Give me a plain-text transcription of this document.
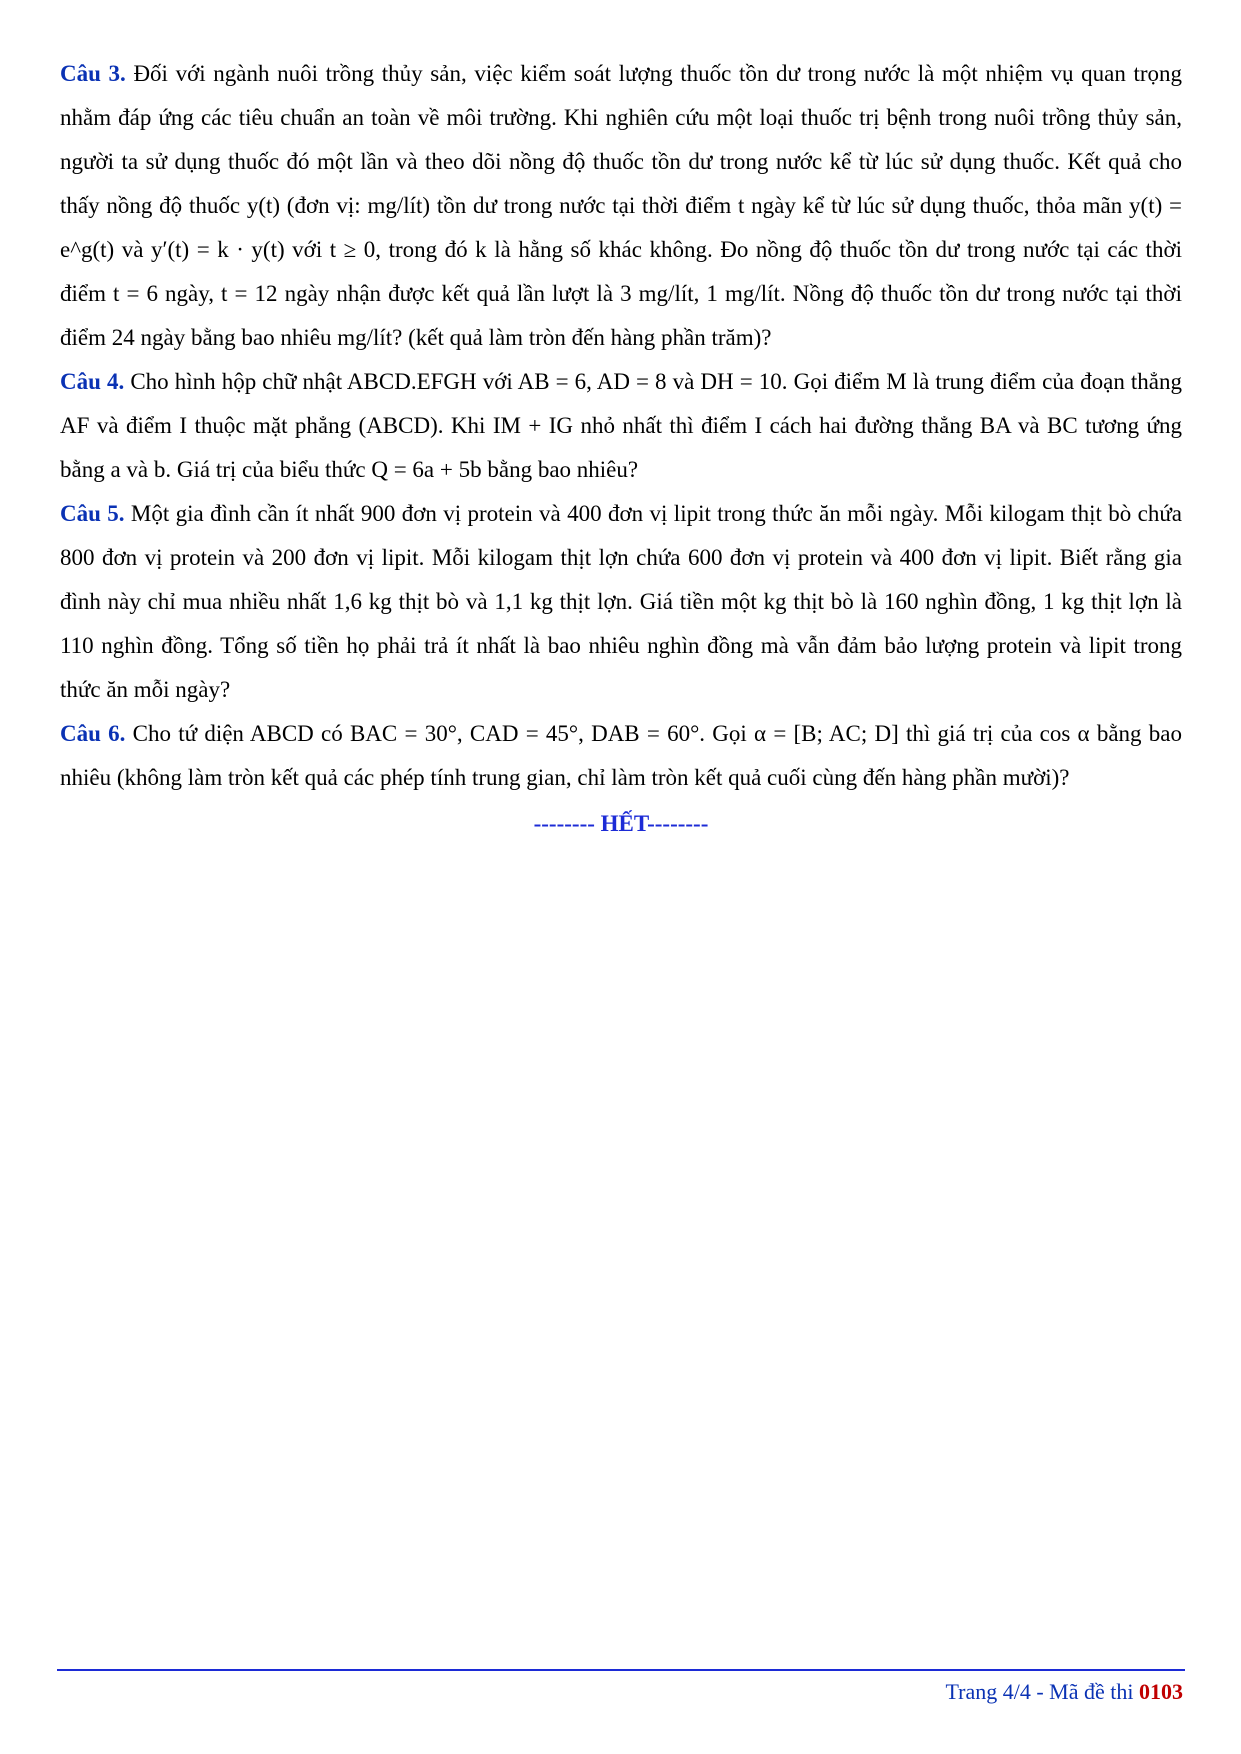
Câu 3. Đối với ngành nuôi trồng thủy sản, việc kiểm soát lượng thuốc tồn dư trong nước là một nhiệm vụ quan trọng nhằm đáp ứng các tiêu chuẩn an toàn về môi trường. Khi nghiên cứu một loại thuốc trị bệnh trong nuôi trồng thủy sản, người ta sử dụng thuốc đó một lần và theo dõi nồng độ thuốc tồn dư trong nước kể từ lúc sử dụng thuốc. Kết quả cho thấy nồng độ thuốc y(t) (đơn vị: mg/lít) tồn dư trong nước tại thời điểm t ngày kể từ lúc sử dụng thuốc, thỏa mãn y(t) = e^g(t) và y′(t) = k · y(t) với t ≥ 0, trong đó k là hằng số khác không. Đo nồng độ thuốc tồn dư trong nước tại các thời điểm t = 6 ngày, t = 12 ngày nhận được kết quả lần lượt là 3 mg/lít, 1 mg/lít. Nồng độ thuốc tồn dư trong nước tại thời điểm 24 ngày bằng bao nhiêu mg/lít? (kết quả làm tròn đến hàng phần trăm)?

Câu 4. Cho hình hộp chữ nhật ABCD.EFGH với AB = 6, AD = 8 và DH = 10. Gọi điểm M là trung điểm của đoạn thẳng AF và điểm I thuộc mặt phẳng (ABCD). Khi IM + IG nhỏ nhất thì điểm I cách hai đường thẳng BA và BC tương ứng bằng a và b. Giá trị của biểu thức Q = 6a + 5b bằng bao nhiêu?

Câu 5. Một gia đình cần ít nhất 900 đơn vị protein và 400 đơn vị lipit trong thức ăn mỗi ngày. Mỗi kilogam thịt bò chứa 800 đơn vị protein và 200 đơn vị lipit. Mỗi kilogam thịt lợn chứa 600 đơn vị protein và 400 đơn vị lipit. Biết rằng gia đình này chỉ mua nhiều nhất 1,6 kg thịt bò và 1,1 kg thịt lợn. Giá tiền một kg thịt bò là 160 nghìn đồng, 1 kg thịt lợn là 110 nghìn đồng. Tổng số tiền họ phải trả ít nhất là bao nhiêu nghìn đồng mà vẫn đảm bảo lượng protein và lipit trong thức ăn mỗi ngày?

Câu 6. Cho tứ diện ABCD có BAC = 30°, CAD = 45°, DAB = 60°. Gọi α = [B; AC; D] thì giá trị của cos α bằng bao nhiêu (không làm tròn kết quả các phép tính trung gian, chỉ làm tròn kết quả cuối cùng đến hàng phần mười)?

-------- HẾT--------
Trang 4/4 - Mã đề thi 0103
